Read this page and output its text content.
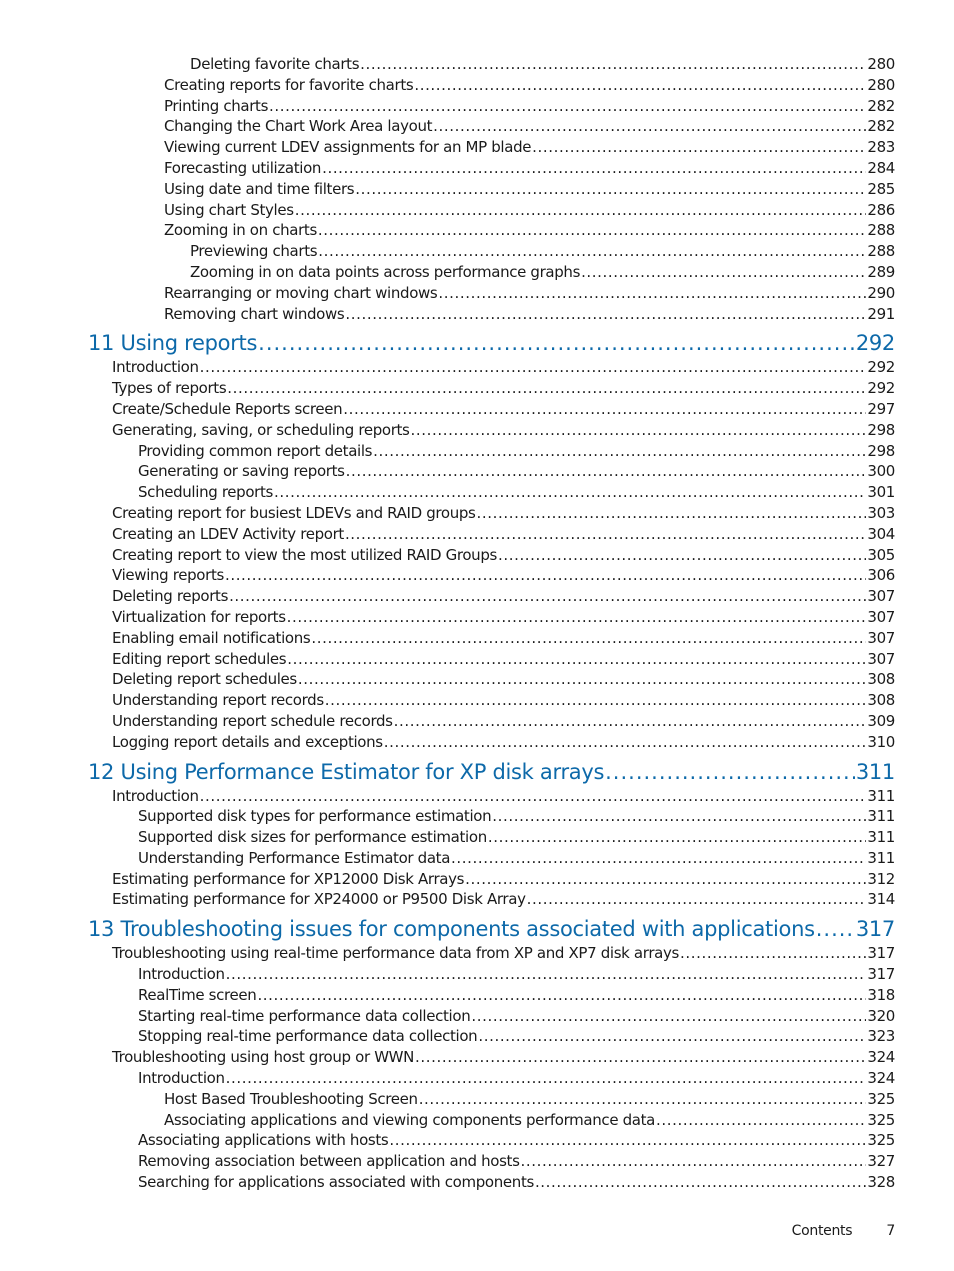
Deleting favorite charts .....	280
Creating reports for favorite charts .....	280
Printing charts .....	282
Changing the Chart Work Area layout .....	282
Viewing current LDEV assignments for an MP blade .....	283
Forecasting utilization .....	284
Using date and time filters .....	285
Using chart Styles .....	286
Zooming in on charts .....	288
Previewing charts .....	288
Zooming in on data points across performance graphs .....	289
Rearranging or moving chart windows .....	290
Removing chart windows .....	291
11 Using reports .....	292
Introduction .....	292
Types of reports .....	292
Create/Schedule Reports screen .....	297
Generating, saving, or scheduling reports .....	298
Providing common report details .....	298
Generating or saving reports .....	300
Scheduling reports .....	301
Creating report for busiest LDEVs and RAID groups .....	303
Creating an LDEV Activity report .....	304
Creating report to view the most utilized RAID Groups .....	305
Viewing reports .....	306
Deleting reports .....	307
Virtualization for reports .....	307
Enabling email notifications .....	307
Editing report schedules .....	307
Deleting report schedules .....	308
Understanding report records .....	308
Understanding report schedule records .....	309
Logging report details and exceptions .....	310
12 Using Performance Estimator for XP disk arrays .....	311
Introduction .....	311
Supported disk types for performance estimation .....	311
Supported disk sizes for performance estimation .....	311
Understanding Performance Estimator data .....	311
Estimating performance for XP12000 Disk Arrays .....	312
Estimating performance for XP24000 or P9500 Disk Array .....	314
13 Troubleshooting issues for components associated with applications ..... 317
Troubleshooting using real-time performance data from XP and XP7 disk arrays .....	317
Introduction .....	317
RealTime screen .....	318
Starting real-time performance data collection .....	320
Stopping real-time performance data collection .....	323
Troubleshooting using host group or WWN .....	324
Introduction .....	324
Host Based Troubleshooting Screen .....	325
Associating applications and viewing components performance data .....	325
Associating applications with hosts .....	325
Removing association between application and hosts .....	327
Searching for applications associated with components .....	328
Contents 7
